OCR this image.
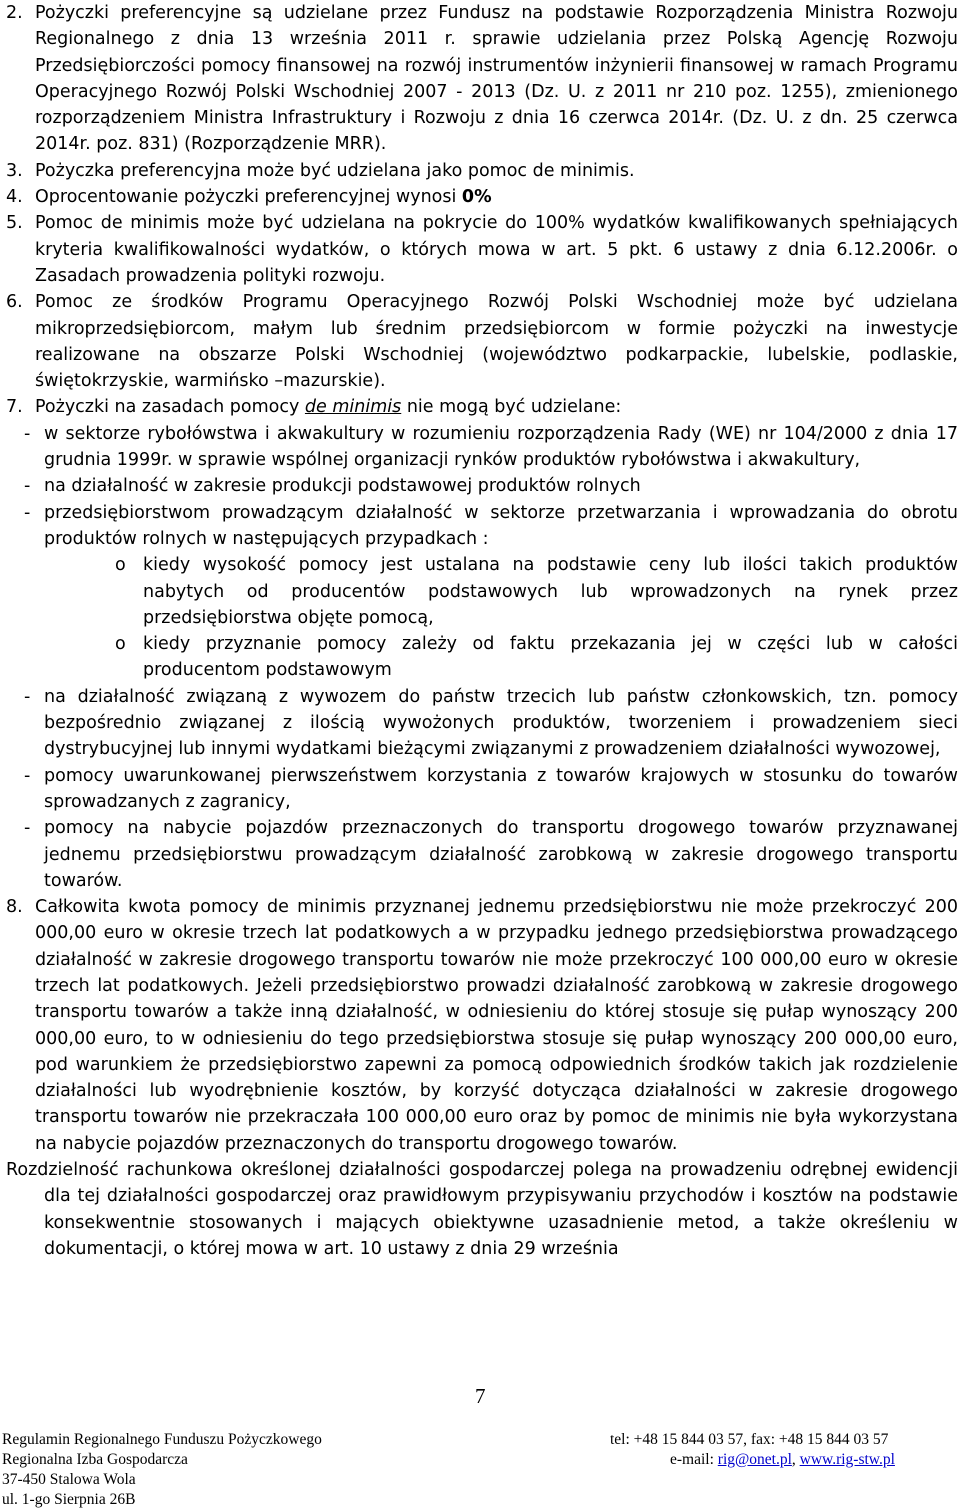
2. Pożyczki preferencyjne są udzielane przez Fundusz na podstawie Rozporządzenia Ministra Rozwoju Regionalnego z dnia 13 września 2011 r. sprawie udzielania przez Polską Agencję Rozwoju Przedsiębiorczości pomocy finansowej na rozwój instrumentów inżynierii finansowej w ramach Programu Operacyjnego Rozwój Polski Wschodniej 2007 - 2013 (Dz. U. z 2011 nr 210 poz. 1255), zmienionego rozporządzeniem Ministra Infrastruktury i Rozwoju z dnia 16 czerwca 2014r. (Dz. U. z dn. 25 czerwca 2014r. poz. 831) (Rozporządzenie MRR).
3. Pożyczka preferencyjna może być udzielana jako pomoc de minimis.
4. Oprocentowanie pożyczki preferencyjnej wynosi 0%
5. Pomoc de minimis może być udzielana na pokrycie do 100% wydatków kwalifikowanych spełniających kryteria kwalifikowalności wydatków, o których mowa w art. 5 pkt. 6 ustawy z dnia 6.12.2006r. o Zasadach prowadzenia polityki rozwoju.
6. Pomoc ze środków Programu Operacyjnego Rozwój Polski Wschodniej może być udzielana mikroprzedsiębiorcom, małym lub średnim przedsiębiorcom w formie pożyczki na inwestycje realizowane na obszarze Polski Wschodniej (województwo podkarpackie, lubelskie, podlaskie, świętokrzyskie, warmińsko –mazurskie).
7. Pożyczki na zasadach pomocy de minimis nie mogą być udzielane:
- w sektorze rybołówstwa i akwakultury w rozumieniu rozporządzenia Rady (WE) nr 104/2000 z dnia 17 grudnia 1999r. w sprawie wspólnej organizacji rynków produktów rybołówstwa i akwakultury,
- na działalność w zakresie produkcji podstawowej produktów rolnych
- przedsiębiorstwom prowadzącym działalność w sektorze przetwarzania i wprowadzania do obrotu produktów rolnych w następujących przypadkach :
o kiedy wysokość pomocy jest ustalana na podstawie ceny lub ilości takich produktów nabytych od producentów podstawowych lub wprowadzonych na rynek przez przedsiębiorstwa objęte pomocą,
o kiedy przyznanie pomocy zależy od faktu przekazania jej w części lub w całości producentom podstawowym
- na działalność związaną z wywozem do państw trzecich lub państw członkowskich, tzn. pomocy bezpośrednio związanej z ilością wywożonych produktów, tworzeniem i prowadzeniem sieci dystrybucyjnej lub innymi wydatkami bieżącymi związanymi z prowadzeniem działalności wywozowej,
- pomocy uwarunkowanej pierwszeństwem korzystania z towarów krajowych w stosunku do towarów sprowadzanych z zagranicy,
- pomocy na nabycie pojazdów przeznaczonych do transportu drogowego towarów przyznawanej jednemu przedsiębiorstwu prowadzącym działalność zarobkową w zakresie drogowego transportu towarów.
8. Całkowita kwota pomocy de minimis przyznanej jednemu przedsiębiorstwu nie może przekroczyć 200 000,00 euro w okresie trzech lat podatkowych a w przypadku jednego przedsiębiorstwa prowadzącego działalność w zakresie drogowego transportu towarów nie może przekroczyć 100 000,00 euro w okresie trzech lat podatkowych. Jeżeli przedsiębiorstwo prowadzi działalność zarobkową w zakresie drogowego transportu towarów a także inną działalność, w odniesieniu do której stosuje się pułap wynoszący 200 000,00 euro, to w odniesieniu do tego przedsiębiorstwa stosuje się pułap wynoszący 200 000,00 euro, pod warunkiem że przedsiębiorstwo zapewni za pomocą odpowiednich środków takich jak rozdzielenie działalności lub wyodrębnienie kosztów, by korzyść dotycząca działalności w zakresie drogowego transportu towarów nie przekraczała 100 000,00 euro oraz by pomoc de minimis nie była wykorzystana na nabycie pojazdów przeznaczonych do transportu drogowego towarów.
Rozdzielność rachunkowa określonej działalności gospodarczej polega na prowadzeniu odrębnej ewidencji dla tej działalności gospodarczej oraz prawidłowym przypisywaniu przychodów i kosztów na podstawie konsekwentnie stosowanych i mających obiektywne uzasadnienie metod, a także określeniu w dokumentacji, o której mowa w art. 10 ustawy z dnia 29 września
7
Regulamin Regionalnego Funduszu Pożyczkowego
Regionalna Izba Gospodarcza
37-450 Stalowa Wola
ul. 1-go Sierpnia 26B
tel: +48 15 844 03 57, fax: +48 15 844 03 57
e-mail: rig@onet.pl, www.rig-stw.pl
